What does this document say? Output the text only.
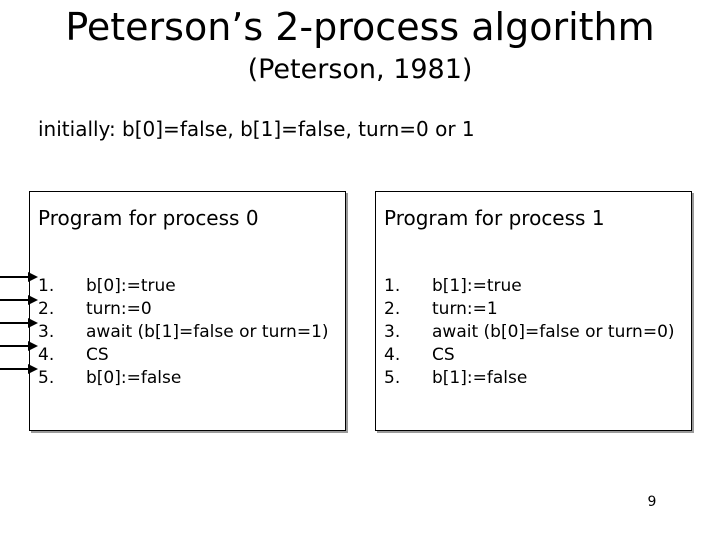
Peterson’s 2-process algorithm
(Peterson, 1981)
initially: b[0]=false, b[1]=false, turn=0 or 1
Program for process 0
1.	b[0]:=true
2.	turn:=0
3.	await (b[1]=false or turn=1)
4.	CS
5.	b[0]:=false
Program for process 1
1.	b[1]:=true
2.	turn:=1
3.	await (b[0]=false or turn=0)
4.	CS
5.	b[1]:=false
9
